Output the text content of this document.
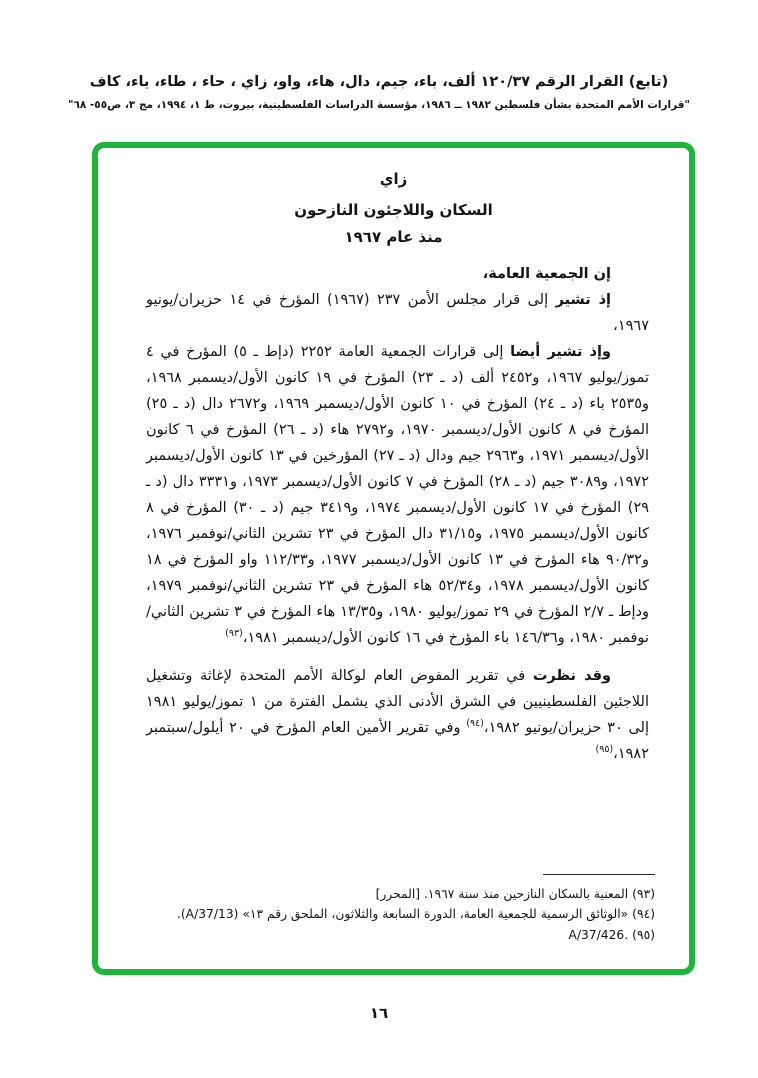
(تابع) القرار الرقم ١٢٠/٣٧ ألف، باء، جيم، دال، هاء، واو، زاي ، حاء ، طاء، ياء، كاف
"قرارات الأمم المتحدة بشأن فلسطين ١٩٨٢ ــ ١٩٨٦، مؤسسة الدراسات الفلسطينية، بيروت، ط ١، ١٩٩٤، مج ٣، ص٥٥- ٦٨"
زاي
السكان واللاجئون النازحون
منذ عام ١٩٦٧

إن الجمعية العامة،

إذ تشير إلى قرار مجلس الأمن ٢٣٧ (١٩٦٧) المؤرخ في ١٤ حزيران/يونيو ١٩٦٧،

وإذ تشير أيضا إلى قرارات الجمعية العامة ٢٢٥٢ (دإط ـ ٥) المؤرخ في ٤ تموز/يوليو ١٩٦٧، و٢٤٥٢ ألف (د ـ ٢٣) المؤرخ في ١٩ كانون الأول/ديسمبر ١٩٦٨، و٢٥٣٥ باء (د ـ ٢٤) المؤرخ في ١٠ كانون الأول/ديسمبر ١٩٦٩، و٢٦٧٢ دال (د ـ ٢٥) المؤرخ في ٨ كانون الأول/ديسمبر ١٩٧٠، و٢٧٩٢ هاء (د ـ ٢٦) المؤرخ في ٦ كانون الأول/ديسمبر ١٩٧١، و٢٩٦٣ جيم ودال (د ـ ٢٧) المؤرخين في ١٣ كانون الأول/ديسمبر ١٩٧٢، و٣٠٨٩ جيم (د ـ ٢٨) المؤرخ في ٧ كانون الأول/ديسمبر ١٩٧٣، و٣٣٣١ دال (د ـ ٢٩) المؤرخ في ١٧ كانون الأول/ديسمبر ١٩٧٤، و٣٤١٩ جيم (د ـ ٣٠) المؤرخ في ٨ كانون الأول/ديسمبر ١٩٧٥، و٣١/١٥ دال المؤرخ في ٢٣ تشرين الثاني/نوفمبر ١٩٧٦، و٩٠/٣٢ هاء المؤرخ في ١٣ كانون الأول/ديسمبر ١٩٧٧، و١١٢/٣٣ واو المؤرخ في ١٨ كانون الأول/ديسمبر ١٩٧٨، و٥٢/٣٤ هاء المؤرخ في ٢٣ تشرين الثاني/نوفمبر ١٩٧٩، ودإط ـ ٢/٧ المؤرخ في ٢٩ تموز/يوليو ١٩٨٠، و١٣/٣٥ هاء المؤرخ في ٣ تشرين الثاني/نوفمبر ١٩٨٠، و١٤٦/٣٦ باء المؤرخ في ١٦ كانون الأول/ديسمبر ١٩٨١،$^{(٩٣)}$

وقد نظرت في تقرير المفوض العام لوكالة الأمم المتحدة لإغاثة وتشغيل اللاجئين الفلسطينيين في الشرق الأدنى الذي يشمل الفترة من ١ تموز/يوليو ١٩٨١ إلى ٣٠ حزيران/يونيو ١٩٨٢،$^{(٩٤)}$ وفي تقرير الأمين العام المؤرخ في ٢٠ أيلول/سبتمبر ١٩٨٢،$^{(٩٥)}$

(٩٣)المعنية بالسكان النازحين منذ سنة ١٩٦٧. [المحرر]
(٩٤)«الوثائق الرسمية للجمعية العامة، الدورة السابعة والثلاثون، الملحق رقم ١٣» (A/37/13).
(٩٥)A/37/426.‎
١٦
